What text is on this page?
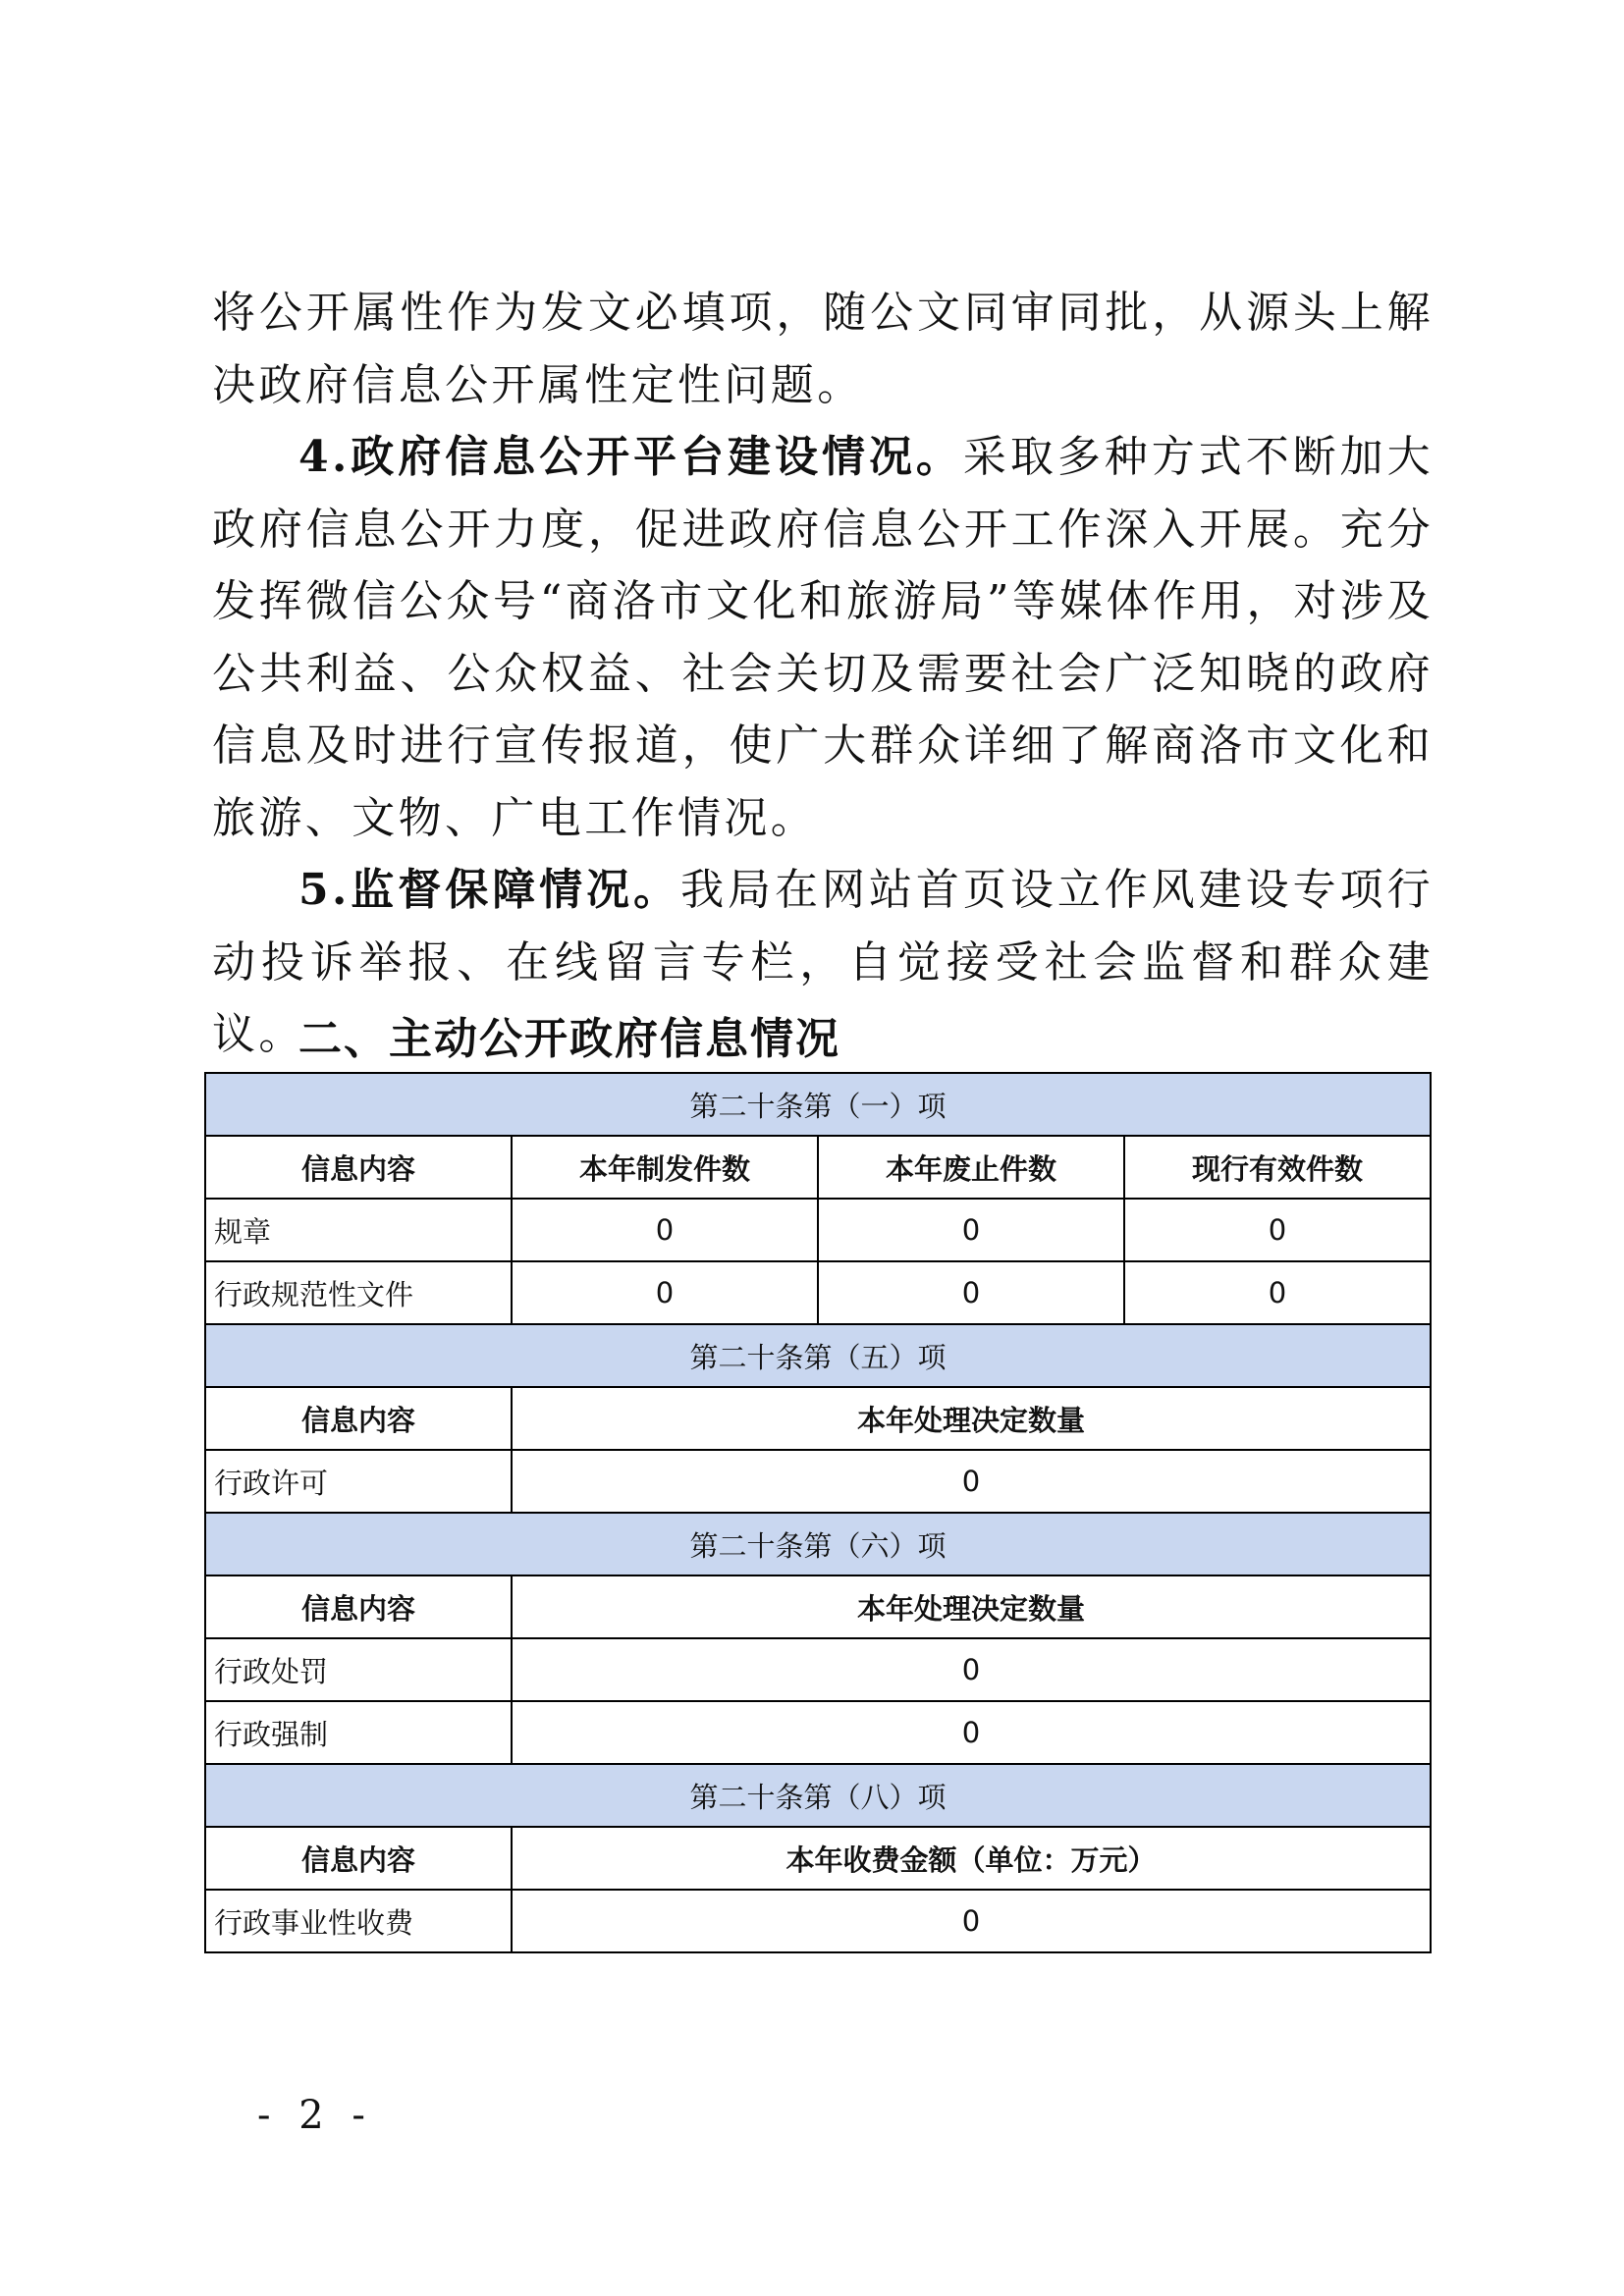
将公开属性作为发文必填项，随公文同审同批，从源头上解决政府信息公开属性定性问题。

4.政府信息公开平台建设情况。采取多种方式不断加大政府信息公开力度，促进政府信息公开工作深入开展。充分发挥微信公众号“商洛市文化和旅游局”等媒体作用，对涉及公共利益、公众权益、社会关切及需要社会广泛知晓的政府信息及时进行宣传报道，使广大群众详细了解商洛市文化和旅游、文物、广电工作情况。

5.监督保障情况。我局在网站首页设立作风建设专项行动投诉举报、在线留言专栏，自觉接受社会监督和群众建议。

二、主动公开政府信息情况
第二十条第（一）项			
信息内容	本年制发件数	本年废止件数	现行有效件数
规章	0	0	0
行政规范性文件	0	0	0
第二十条第（五）项			
信息内容	本年处理决定数量		
行政许可	0		
第二十条第（六）项			
信息内容	本年处理决定数量		
行政处罚	0		
行政强制	0		
第二十条第（八）项			
信息内容	本年收费金额（单位：万元）		
行政事业性收费	0		
- 2 -
